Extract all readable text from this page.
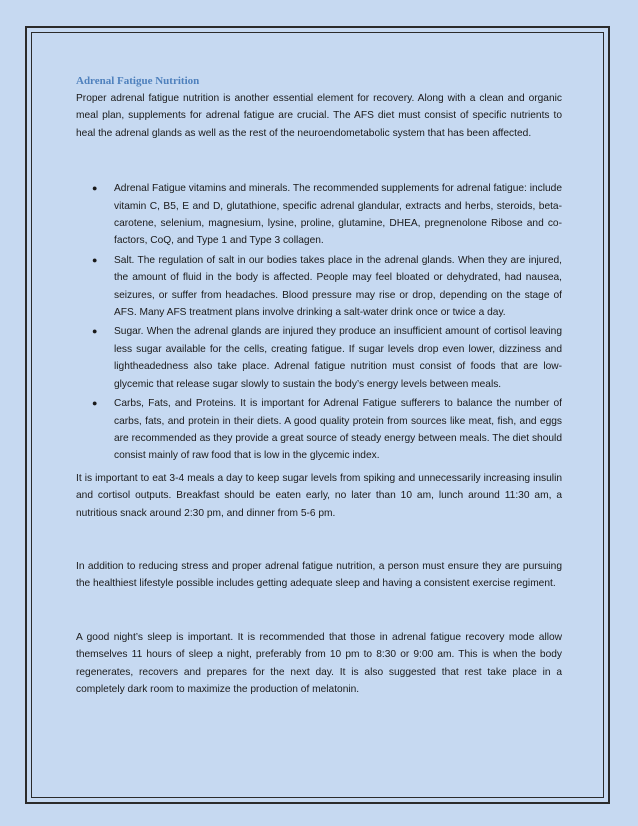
Adrenal Fatigue Nutrition

Proper adrenal fatigue nutrition is another essential element for recovery. Along with a clean and organic meal plan, supplements for adrenal fatigue are crucial. The AFS diet must consist of specific nutrients to heal the adrenal glands as well as the rest of the neuroendometabolic system that has been affected.

● Adrenal Fatigue vitamins and minerals. The recommended supplements for adrenal fatigue: include vitamin C, B5, E and D, glutathione, specific adrenal glandular, extracts and herbs, steroids, beta-carotene, selenium, magnesium, lysine, proline, glutamine, DHEA, pregnenolone Ribose and co-factors, CoQ, and Type 1 and Type 3 collagen.
● Salt. The regulation of salt in our bodies takes place in the adrenal glands. When they are injured, the amount of fluid in the body is affected. People may feel bloated or dehydrated, had nausea, seizures, or suffer from headaches. Blood pressure may rise or drop, depending on the stage of AFS. Many AFS treatment plans involve drinking a salt-water drink once or twice a day.
● Sugar. When the adrenal glands are injured they produce an insufficient amount of cortisol leaving less sugar available for the cells, creating fatigue. If sugar levels drop even lower, dizziness and lightheadedness also take place. Adrenal fatigue nutrition must consist of foods that are low-glycemic that release sugar slowly to sustain the body’s energy levels between meals.
● Carbs, Fats, and Proteins. It is important for Adrenal Fatigue sufferers to balance the number of carbs, fats, and protein in their diets. A good quality protein from sources like meat, fish, and eggs are recommended as they provide a great source of steady energy between meals. The diet should consist mainly of raw food that is low in the glycemic index.

It is important to eat 3-4 meals a day to keep sugar levels from spiking and unnecessarily increasing insulin and cortisol outputs. Breakfast should be eaten early, no later than 10 am, lunch around 11:30 am, a nutritious snack around 2:30 pm, and dinner from 5-6 pm.

In addition to reducing stress and proper adrenal fatigue nutrition, a person must ensure they are pursuing the healthiest lifestyle possible includes getting adequate sleep and having a consistent exercise regiment.

A good night’s sleep is important. It is recommended that those in adrenal fatigue recovery mode allow themselves 11 hours of sleep a night, preferably from 10 pm to 8:30 or 9:00 am. This is when the body regenerates, recovers and prepares for the next day. It is also suggested that rest take place in a completely dark room to maximize the production of melatonin.
